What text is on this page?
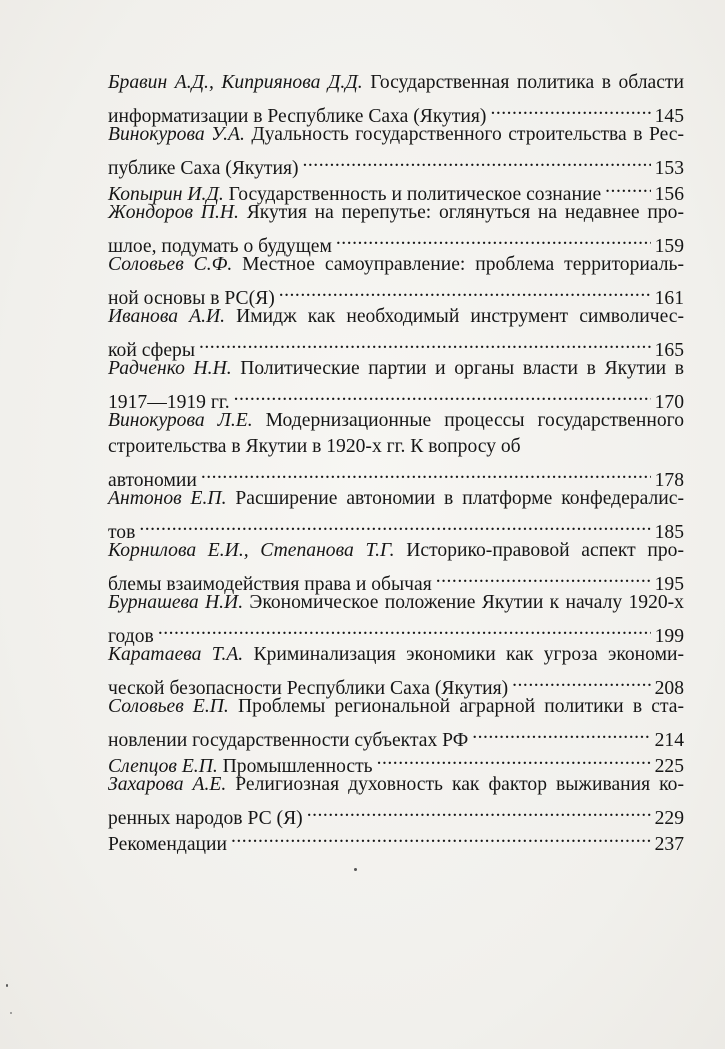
Бравин А.Д., Киприянова Д.Д. Государственная политика в области
информатизации в Республике Саха (Якутия) . . .	145
Винокурова У.А. Дуальность государственного строительства в Рес-
публике Саха (Якутия) . . .	153
Копырин И.Д. Государственность и политическое сознание . . .	156
Жондоров П.Н. Якутия на перепутье: оглянуться на недавнее про-
шлое, подумать о будущем . . .	159
Соловьев С.Ф. Местное самоуправление: проблема территориаль-
ной основы в РС(Я) . . .	161
Иванова А.И. Имидж как необходимый инструмент символичес-
кой сферы . . .	165
Радченко Н.Н. Политические партии и органы власти в Якутии в
1917—1919 гг. . . .	170
Винокурова Л.Е. Модернизационные процессы государственного
строительства в Якутии в 1920-х гг. К вопросу об
автономии . . .	178
Антонов Е.П. Расширение автономии в платформе конфедералис-
тов . . .	185
Корнилова Е.И., Степанова Т.Г. Историко-правовой аспект про-
блемы взаимодействия права и обычая . . .	195
Бурнашева Н.И. Экономическое положение Якутии к началу 1920-х
годов . . .	199
Каратаева Т.А. Криминализация экономики как угроза экономи-
ческой безопасности Республики Саха (Якутия) . . .	208
Соловьев Е.П. Проблемы региональной аграрной политики в ста-
новлении государственности субъектах РФ . . .	214
Слепцов Е.П. Промышленность . . .	225
Захарова А.Е. Религиозная духовность как фактор выживания ко-
ренных народов РС (Я) . . .	229
Рекомендации . . .	237
